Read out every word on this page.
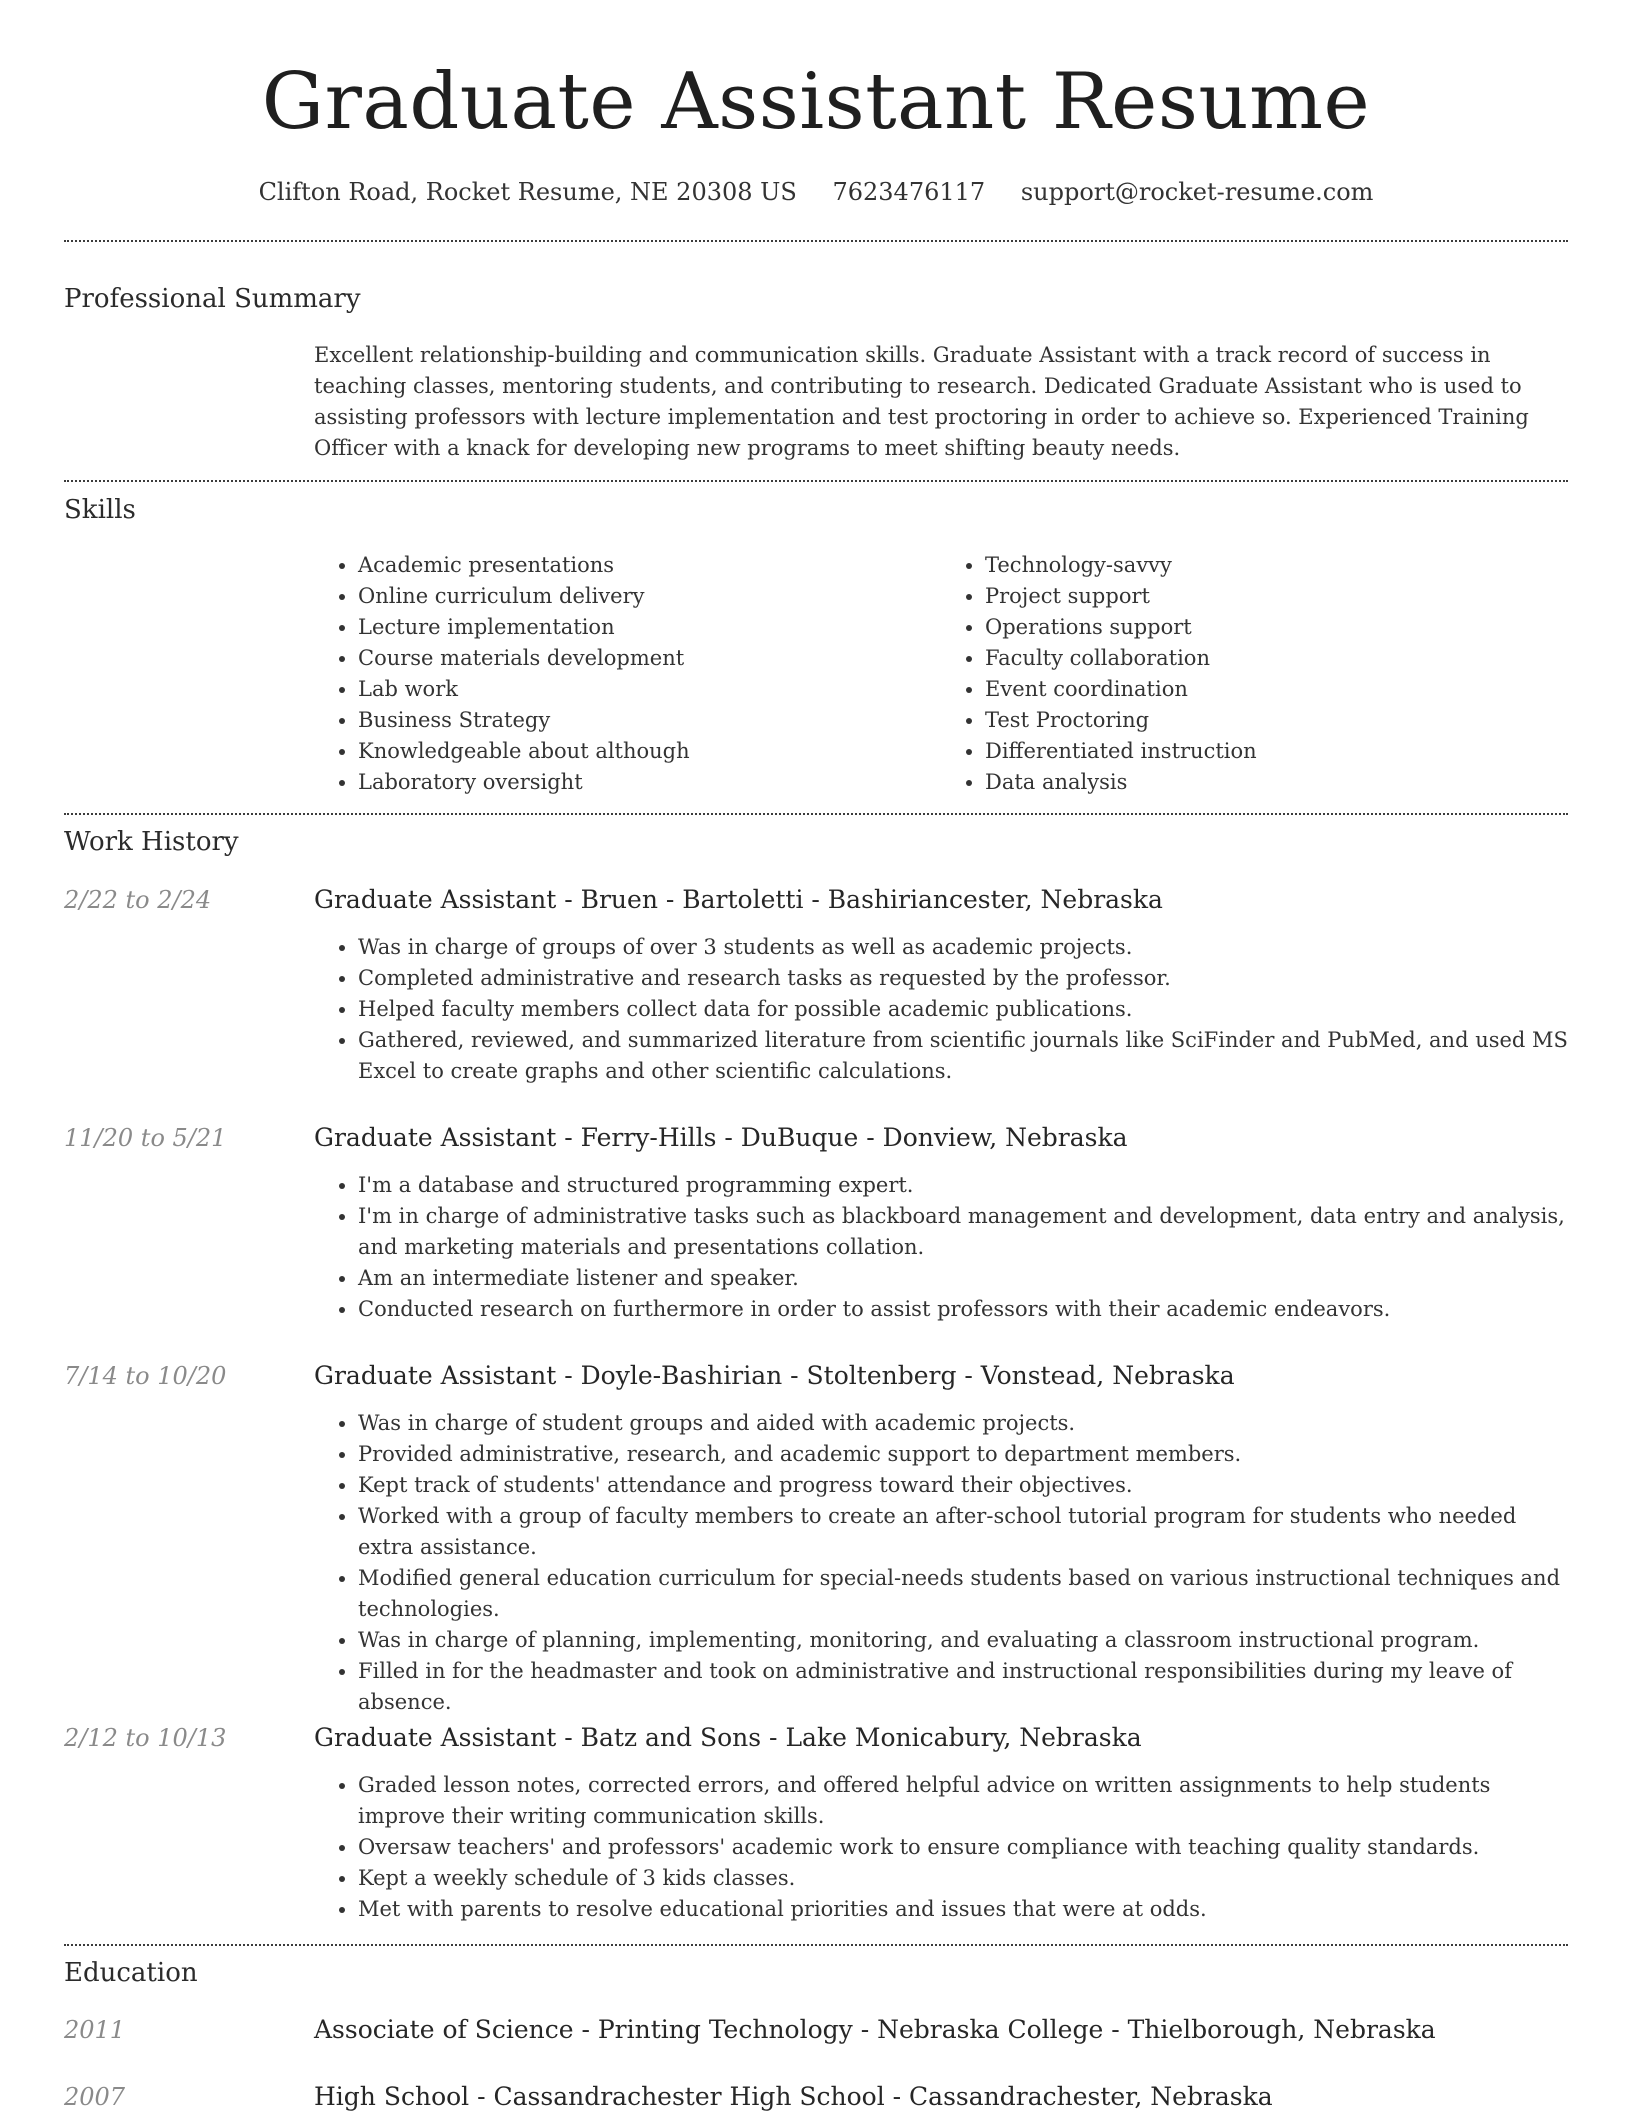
Graduate Assistant Resume
Clifton Road, Rocket Resume, NE 20308 US 7623476117 support@rocket-resume.com
Professional Summary

Excellent relationship-building and communication skills. Graduate Assistant with a track record of success in teaching classes, mentoring students, and contributing to research. Dedicated Graduate Assistant who is used to assisting professors with lecture implementation and test proctoring in order to achieve so. Experienced Training Officer with a knack for developing new programs to meet shifting beauty needs.

Skills
• Academic presentations
• Online curriculum delivery
• Lecture implementation
• Course materials development
• Lab work
• Business Strategy
• Knowledgeable about although
• Laboratory oversight
• Technology-savvy
• Project support
• Operations support
• Faculty collaboration
• Event coordination
• Test Proctoring
• Differentiated instruction
• Data analysis
Work History
2/22 to 2/24	Graduate Assistant - Bruen - Bartoletti - Bashiriancester, Nebraska
• Was in charge of groups of over 3 students as well as academic projects.
• Completed administrative and research tasks as requested by the professor.
• Helped faculty members collect data for possible academic publications.
• Gathered, reviewed, and summarized literature from scientific journals like SciFinder and PubMed, and used MS Excel to create graphs and other scientific calculations.
11/20 to 5/21	Graduate Assistant - Ferry-Hills - DuBuque - Donview, Nebraska
• I'm a database and structured programming expert.
• I'm in charge of administrative tasks such as blackboard management and development, data entry and analysis, and marketing materials and presentations collation.
• Am an intermediate listener and speaker.
• Conducted research on furthermore in order to assist professors with their academic endeavors.
7/14 to 10/20	Graduate Assistant - Doyle-Bashirian - Stoltenberg - Vonstead, Nebraska
• Was in charge of student groups and aided with academic projects.
• Provided administrative, research, and academic support to department members.
• Kept track of students' attendance and progress toward their objectives.
• Worked with a group of faculty members to create an after-school tutorial program for students who needed extra assistance.
• Modified general education curriculum for special-needs students based on various instructional techniques and technologies.
• Was in charge of planning, implementing, monitoring, and evaluating a classroom instructional program.
• Filled in for the headmaster and took on administrative and instructional responsibilities during my leave of absence.
2/12 to 10/13	Graduate Assistant - Batz and Sons - Lake Monicabury, Nebraska
• Graded lesson notes, corrected errors, and offered helpful advice on written assignments to help students improve their writing communication skills.
• Oversaw teachers' and professors' academic work to ensure compliance with teaching quality standards.
• Kept a weekly schedule of 3 kids classes.
• Met with parents to resolve educational priorities and issues that were at odds.
Education
2011	Associate of Science - Printing Technology - Nebraska College - Thielborough, Nebraska
2007	High School - Cassandrachester High School - Cassandrachester, Nebraska
